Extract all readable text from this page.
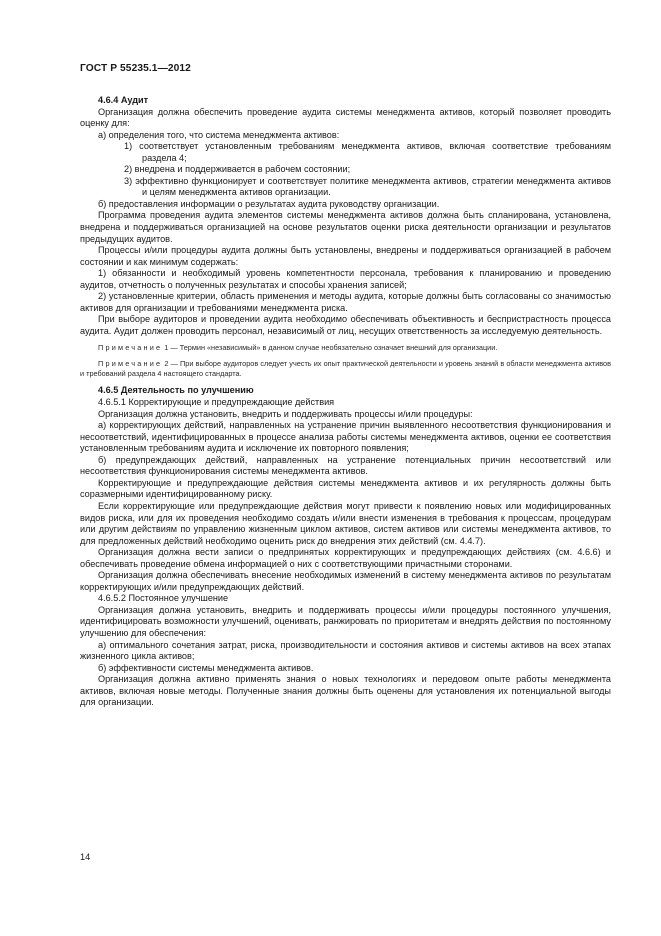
ГОСТ Р 55235.1—2012

4.6.4 Аудит

Организация должна обеспечить проведение аудита системы менеджмента активов, который позволяет проводить оценку для:

а) определения того, что система менеджмента активов:

1) соответствует установленным требованиям менеджмента активов, включая соответствие требованиям раздела 4;

2) внедрена и поддерживается в рабочем состоянии;

3) эффективно функционирует и соответствует политике менеджмента активов, стратегии менеджмента активов и целям менеджмента активов организации.

б) предоставления информации о результатах аудита руководству организации.

Программа проведения аудита элементов системы менеджмента активов должна быть спланирована, установлена, внедрена и поддерживаться организацией на основе результатов оценки риска деятельности организации и результатов предыдущих аудитов.

Процессы и/или процедуры аудита должны быть установлены, внедрены и поддерживаться организацией в рабочем состоянии и как минимум содержать:

1) обязанности и необходимый уровень компетентности персонала, требования к планированию и проведению аудитов, отчетность о полученных результатах и способы хранения записей;

2) установленные критерии, область применения и методы аудита, которые должны быть согласованы со значимостью активов для организации и требованиями менеджмента риска.

При выборе аудиторов и проведении аудита необходимо обеспечивать объективность и беспристрастность процесса аудита. Аудит должен проводить персонал, независимый от лиц, несущих ответственность за исследуемую деятельность.

Примечание 1 — Термин «независимый» в данном случае необязательно означает внешний для организации.

Примечание 2 — При выборе аудиторов следует учесть их опыт практической деятельности и уровень знаний в области менеджмента активов и требований раздела 4 настоящего стандарта.

4.6.5 Деятельность по улучшению

4.6.5.1 Корректирующие и предупреждающие действия

Организация должна установить, внедрить и поддерживать процессы и/или процедуры:

а) корректирующих действий, направленных на устранение причин выявленного несоответствия функционирования и несоответствий, идентифицированных в процессе анализа работы системы менеджмента активов, оценки ее соответствия установленным требованиям аудита и исключение их повторного появления;

б) предупреждающих действий, направленных на устранение потенциальных причин несоответствий или несоответствия функционирования системы менеджмента активов.

Корректирующие и предупреждающие действия системы менеджмента активов и их регулярность должны быть соразмерными идентифицированному риску.

Если корректирующие или предупреждающие действия могут привести к появлению новых или модифицированных видов риска, или для их проведения необходимо создать и/или внести изменения в требования к процессам, процедурам или другим действиям по управлению жизненным циклом активов, систем активов или системы менеджмента активов, то для предложенных действий необходимо оценить риск до внедрения этих действий (см. 4.4.7).

Организация должна вести записи о предпринятых корректирующих и предупреждающих действиях (см. 4.6.6) и обеспечивать проведение обмена информацией о них с соответствующими причастными сторонами.

Организация должна обеспечивать внесение необходимых изменений в систему менеджмента активов по результатам корректирующих и/или предупреждающих действий.

4.6.5.2 Постоянное улучшение

Организация должна установить, внедрить и поддерживать процессы и/или процедуры постоянного улучшения, идентифицировать возможности улучшений, оценивать, ранжировать по приоритетам и внедрять действия по постоянному улучшению для обеспечения:

а) оптимального сочетания затрат, риска, производительности и состояния активов и системы активов на всех этапах жизненного цикла активов;

б) эффективности системы менеджмента активов.

Организация должна активно применять знания о новых технологиях и передовом опыте работы менеджмента активов, включая новые методы. Полученные знания должны быть оценены для установления их потенциальной выгоды для организации.

14
